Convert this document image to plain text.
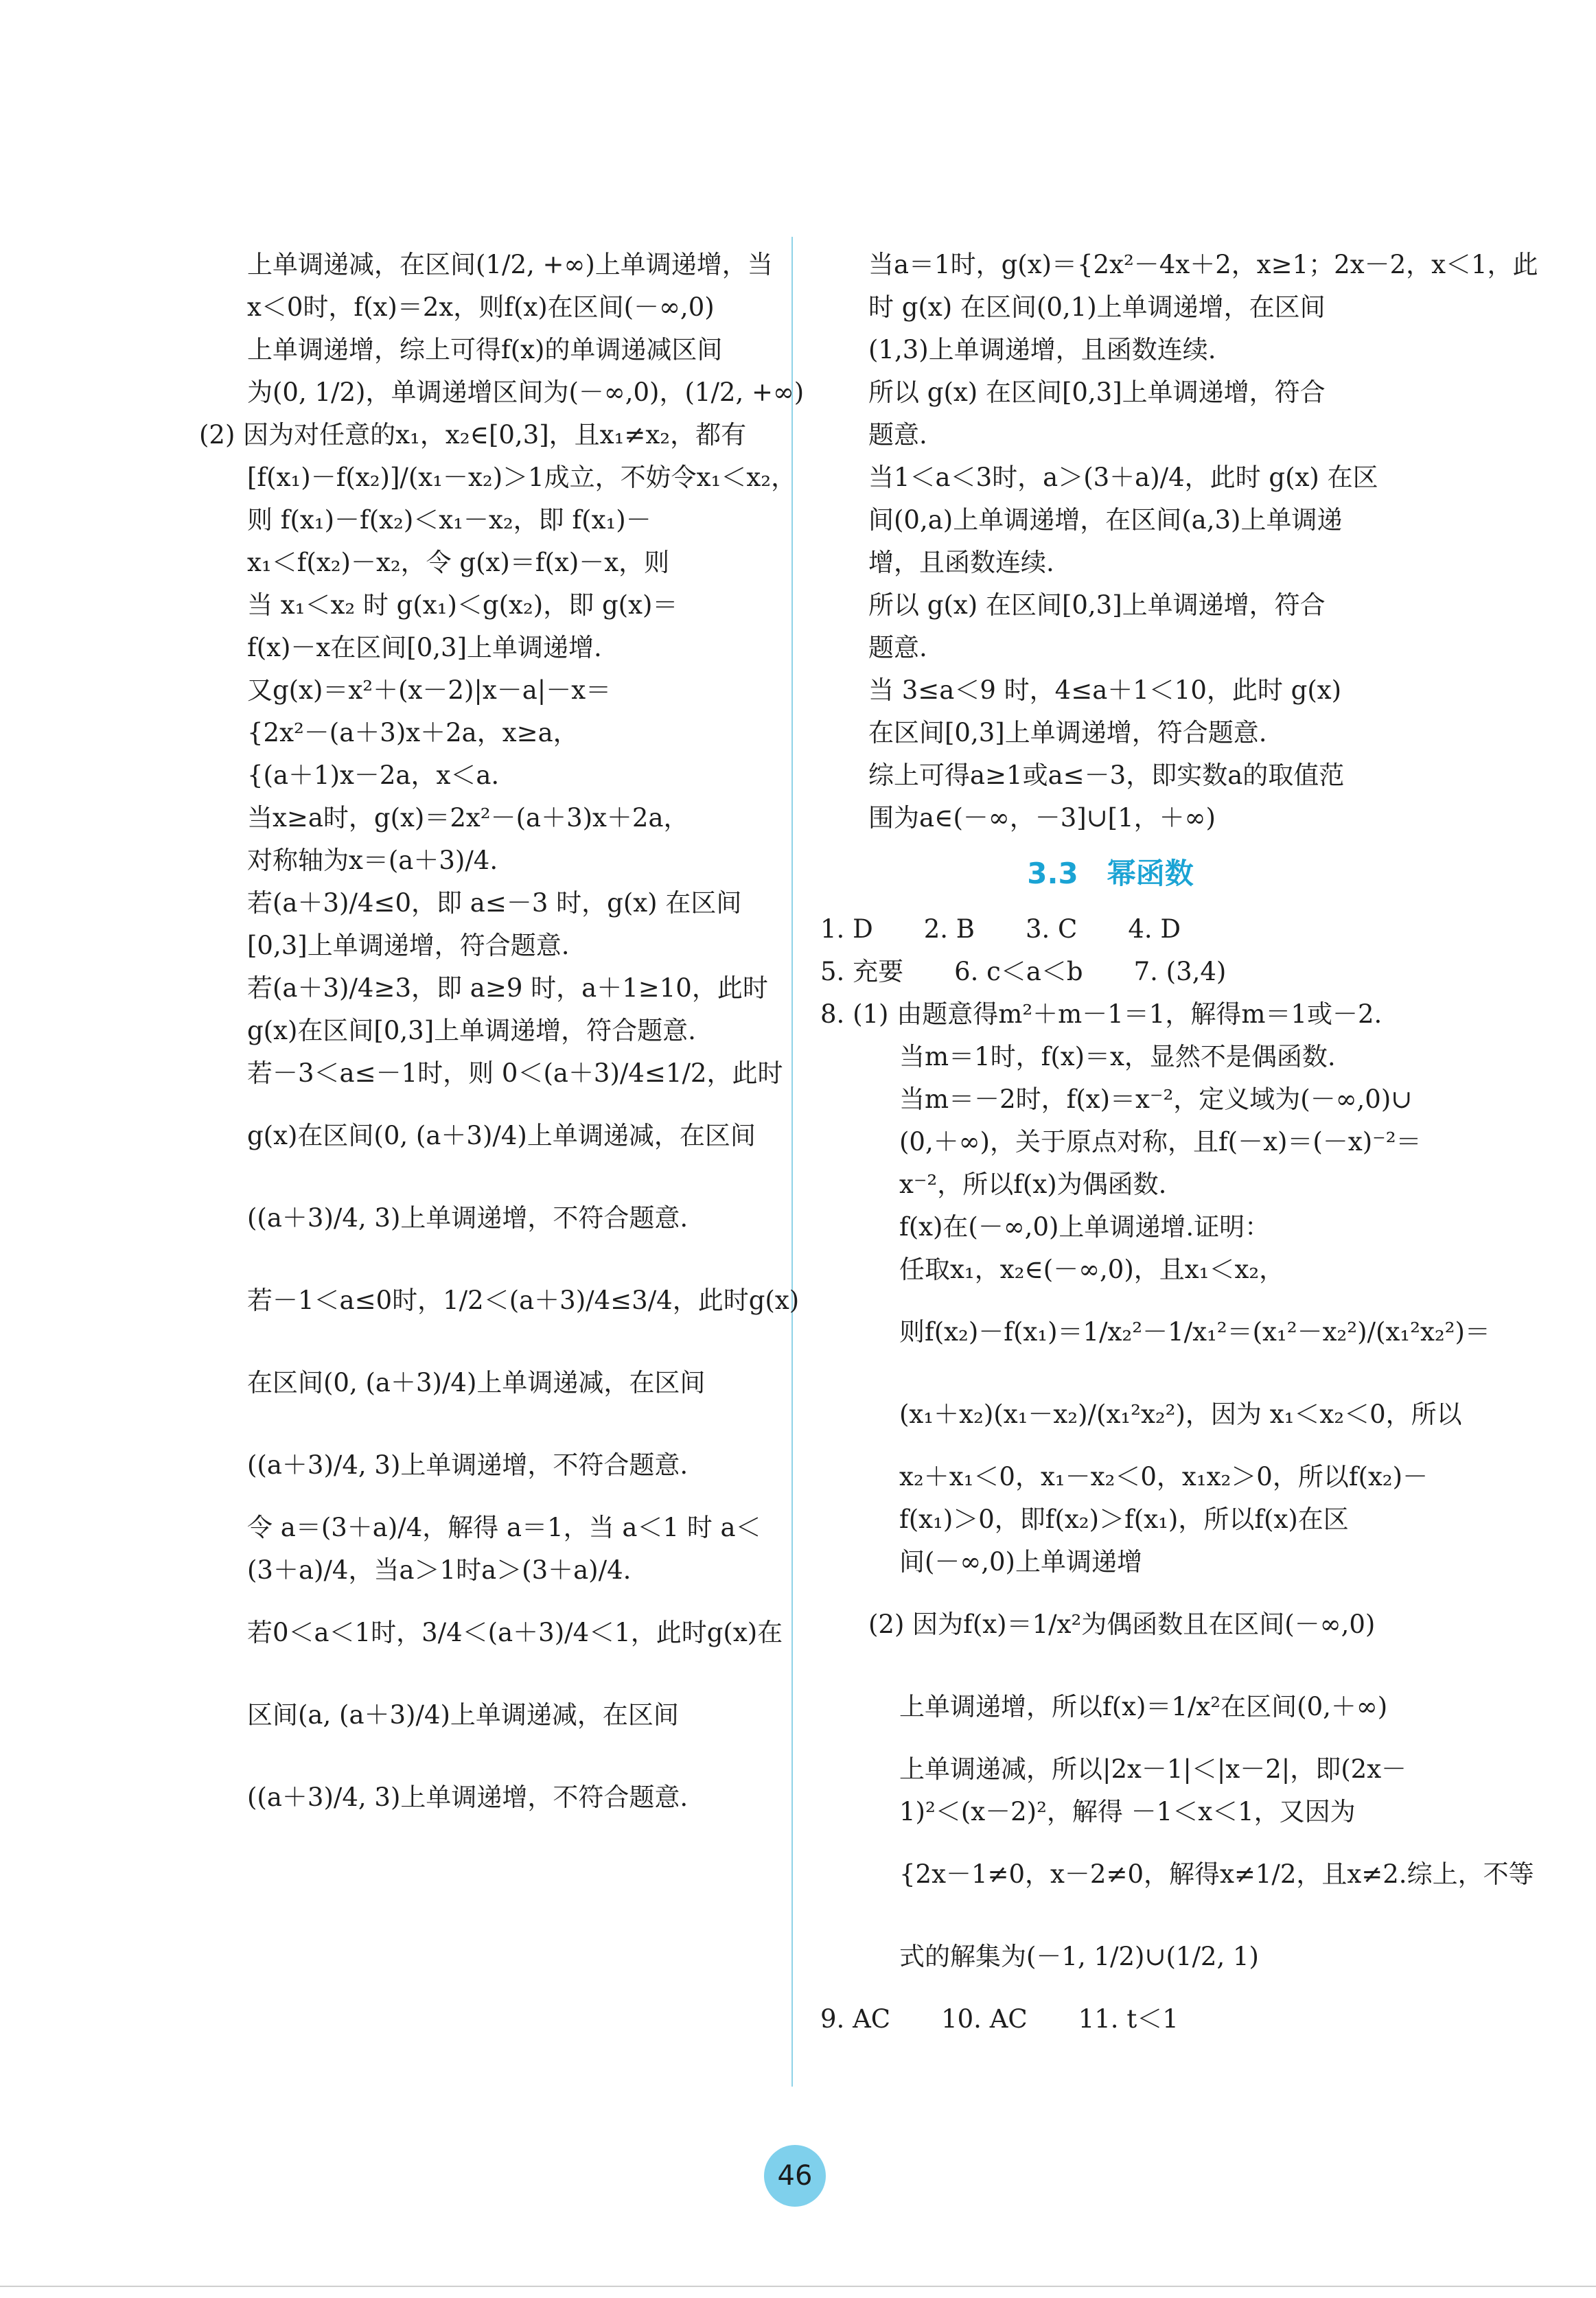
上单调递减，在区间(1/2, +∞)上单调递增，当
x＜0时，f(x)＝2x，则f(x)在区间(－∞,0)
上单调递增，综上可得f(x)的单调递减区间
为(0, 1/2)，单调递增区间为(－∞,0)，(1/2, +∞)
(2) 因为对任意的x₁，x₂∈[0,3]，且x₁≠x₂，都有
[f(x₁)－f(x₂)]/(x₁－x₂)＞1成立，不妨令x₁＜x₂，
则 f(x₁)－f(x₂)＜x₁－x₂，即 f(x₁)－
x₁＜f(x₂)－x₂，令 g(x)＝f(x)－x，则
当 x₁＜x₂ 时 g(x₁)＜g(x₂)，即 g(x)＝
f(x)－x在区间[0,3]上单调递增.
又g(x)＝x²＋(x－2)|x－a|－x＝
{2x²－(a＋3)x＋2a，x≥a，
{(a＋1)x－2a，x＜a.
当x≥a时，g(x)＝2x²－(a＋3)x＋2a，
对称轴为x＝(a＋3)/4.
若(a＋3)/4≤0，即 a≤－3 时，g(x) 在区间
[0,3]上单调递增，符合题意.
若(a＋3)/4≥3，即 a≥9 时，a＋1≥10，此时
g(x)在区间[0,3]上单调递增，符合题意.
若－3＜a≤－1时，则 0＜(a＋3)/4≤1/2，此时
g(x)在区间(0, (a＋3)/4)上单调递减，在区间
((a＋3)/4, 3)上单调递增，不符合题意.
若－1＜a≤0时，1/2＜(a＋3)/4≤3/4，此时g(x)
在区间(0, (a＋3)/4)上单调递减，在区间
((a＋3)/4, 3)上单调递增，不符合题意.
令 a＝(3＋a)/4，解得 a＝1，当 a＜1 时 a＜
(3＋a)/4，当a＞1时a＞(3＋a)/4.
若0＜a＜1时，3/4＜(a＋3)/4＜1，此时g(x)在
区间(a, (a＋3)/4)上单调递减，在区间
((a＋3)/4, 3)上单调递增，不符合题意.
当a＝1时，g(x)＝{2x²－4x＋2，x≥1；2x－2，x＜1，此
时 g(x) 在区间(0,1)上单调递增，在区间
(1,3)上单调递增，且函数连续.
所以 g(x) 在区间[0,3]上单调递增，符合
题意.
当1＜a＜3时，a＞(3＋a)/4，此时 g(x) 在区
间(0,a)上单调递增，在区间(a,3)上单调递
增，且函数连续.
所以 g(x) 在区间[0,3]上单调递增，符合
题意.
当 3≤a＜9 时，4≤a＋1＜10，此时 g(x)
在区间[0,3]上单调递增，符合题意.
综上可得a≥1或a≤－3，即实数a的取值范
围为a∈(－∞，－3]∪[1，＋∞)
3.3　 幂函数
1. D　　2. B　　3. C　　4. D
5. 充要　　6. c＜a＜b　　7. (3,4)
8. (1) 由题意得m²＋m－1＝1，解得m＝1或－2.
当m＝1时，f(x)＝x，显然不是偶函数.
当m＝－2时，f(x)＝x⁻²，定义域为(－∞,0)∪
(0,＋∞)，关于原点对称，且f(－x)＝(－x)⁻²＝
x⁻²，所以f(x)为偶函数.
f(x)在(－∞,0)上单调递增.证明：
任取x₁，x₂∈(－∞,0)，且x₁＜x₂，
则f(x₂)－f(x₁)＝1/x₂²－1/x₁²＝(x₁²－x₂²)/(x₁²x₂²)＝
(x₁＋x₂)(x₁－x₂)/(x₁²x₂²)，因为 x₁＜x₂＜0，所以
x₂＋x₁＜0，x₁－x₂＜0，x₁x₂＞0，所以f(x₂)－
f(x₁)＞0，即f(x₂)＞f(x₁)，所以f(x)在区
间(－∞,0)上单调递增
(2) 因为f(x)＝1/x²为偶函数且在区间(－∞,0)
上单调递增，所以f(x)＝1/x²在区间(0,＋∞)
上单调递减，所以|2x－1|＜|x－2|，即(2x－
1)²＜(x－2)²，解得 －1＜x＜1，又因为
{2x－1≠0，x－2≠0，解得x≠1/2，且x≠2.综上，不等
式的解集为(－1, 1/2)∪(1/2, 1)
9. AC　　10. AC　　11. t＜1
46
